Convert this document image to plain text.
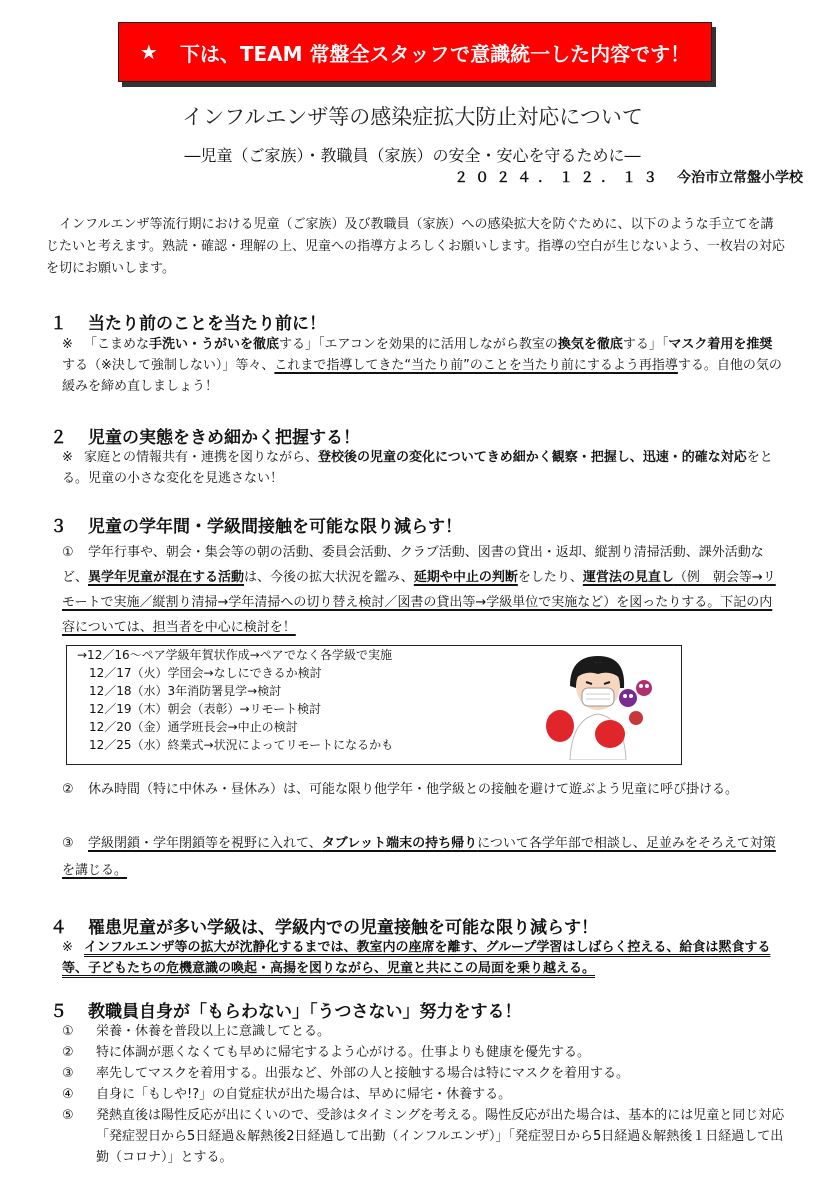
★ 下は、TEAM 常盤全スタッフで意識統一した内容です！
インフルエンザ等の感染症拡大防止対応について
―児童（ご家族）・教職員（家族）の安全・安心を守るために―
２０２４．１２．１３ 今治市立常盤小学校
インフルエンザ等流行期における児童（ご家族）及び教職員（家族）への感染拡大を防ぐために、以下のような手立てを講じたいと考えます。熟読・確認・理解の上、児童への指導方よろしくお願いします。指導の空白が生じないよう、一枚岩の対応を切にお願いします。
１ 当たり前のことを当たり前に！
※ 「こまめな手洗い・うがいを徹底する」「エアコンを効果的に活用しながら教室の換気を徹底する」「マスク着用を推奨する（※決して強制しない）」等々、これまで指導してきた“当たり前”のことを当たり前にするよう再指導する。自他の気の緩みを締め直しましょう！
２ 児童の実態をきめ細かく把握する！
※ 家庭との情報共有・連携を図りながら、登校後の児童の変化についてきめ細かく観察・把握し、迅速・的確な対応をとる。児童の小さな変化を見逃さない！
３ 児童の学年間・学級間接触を可能な限り減らす！
① 学年行事や、朝会・集会等の朝の活動、委員会活動、クラブ活動、図書の貸出・返却、縦割り清掃活動、課外活動など、異学年児童が混在する活動は、今後の拡大状況を鑑み、延期や中止の判断をしたり、運営法の見直し（例　朝会等→リモートで実施／縦割り清掃→学年清掃への切り替え検討／図書の貸出等→学級単位で実施など）を図ったりする。下記の内容については、担当者を中心に検討を！
→12／16～ペア学級年賀状作成→ペアでなく各学級で実施
12／17（火）学団会→なしにできるか検討
12／18（水）3年消防署見学→検討
12／19（木）朝会（表彰）→リモート検討
12／20（金）通学班長会→中止の検討
12／25（水）終業式→状況によってリモートになるかも
② 休み時間（特に中休み・昼休み）は、可能な限り他学年・他学級との接触を避けて遊ぶよう児童に呼び掛ける。
③ 学級閉鎖・学年閉鎖等を視野に入れて、タブレット端末の持ち帰りについて各学年部で相談し、足並みをそろえて対策を講じる。
４ 罹患児童が多い学級は、学級内での児童接触を可能な限り減らす！
※ インフルエンザ等の拡大が沈静化するまでは、教室内の座席を離す、グループ学習はしばらく控える、給食は黙食する等、子どもたちの危機意識の喚起・高揚を図りながら、児童と共にこの局面を乗り越える。
５ 教職員自身が「もらわない」「うつさない」努力をする！
①	栄養・休養を普段以上に意識してとる。
②	特に体調が悪くなくても早めに帰宅するよう心がける。仕事よりも健康を優先する。
③	率先してマスクを着用する。出張など、外部の人と接触する場合は特にマスクを着用する。
④	自身に「もしや!?」の自覚症状が出た場合は、早めに帰宅・休養する。
⑤	発熱直後は陽性反応が出にくいので、受診はタイミングを考える。陽性反応が出た場合は、基本的には児童と同じ対応「発症翌日から5日経過＆解熱後2日経過して出勤（インフルエンザ）」「発症翌日から5日経過＆解熱後１日経過して出勤（コロナ）」とする。
